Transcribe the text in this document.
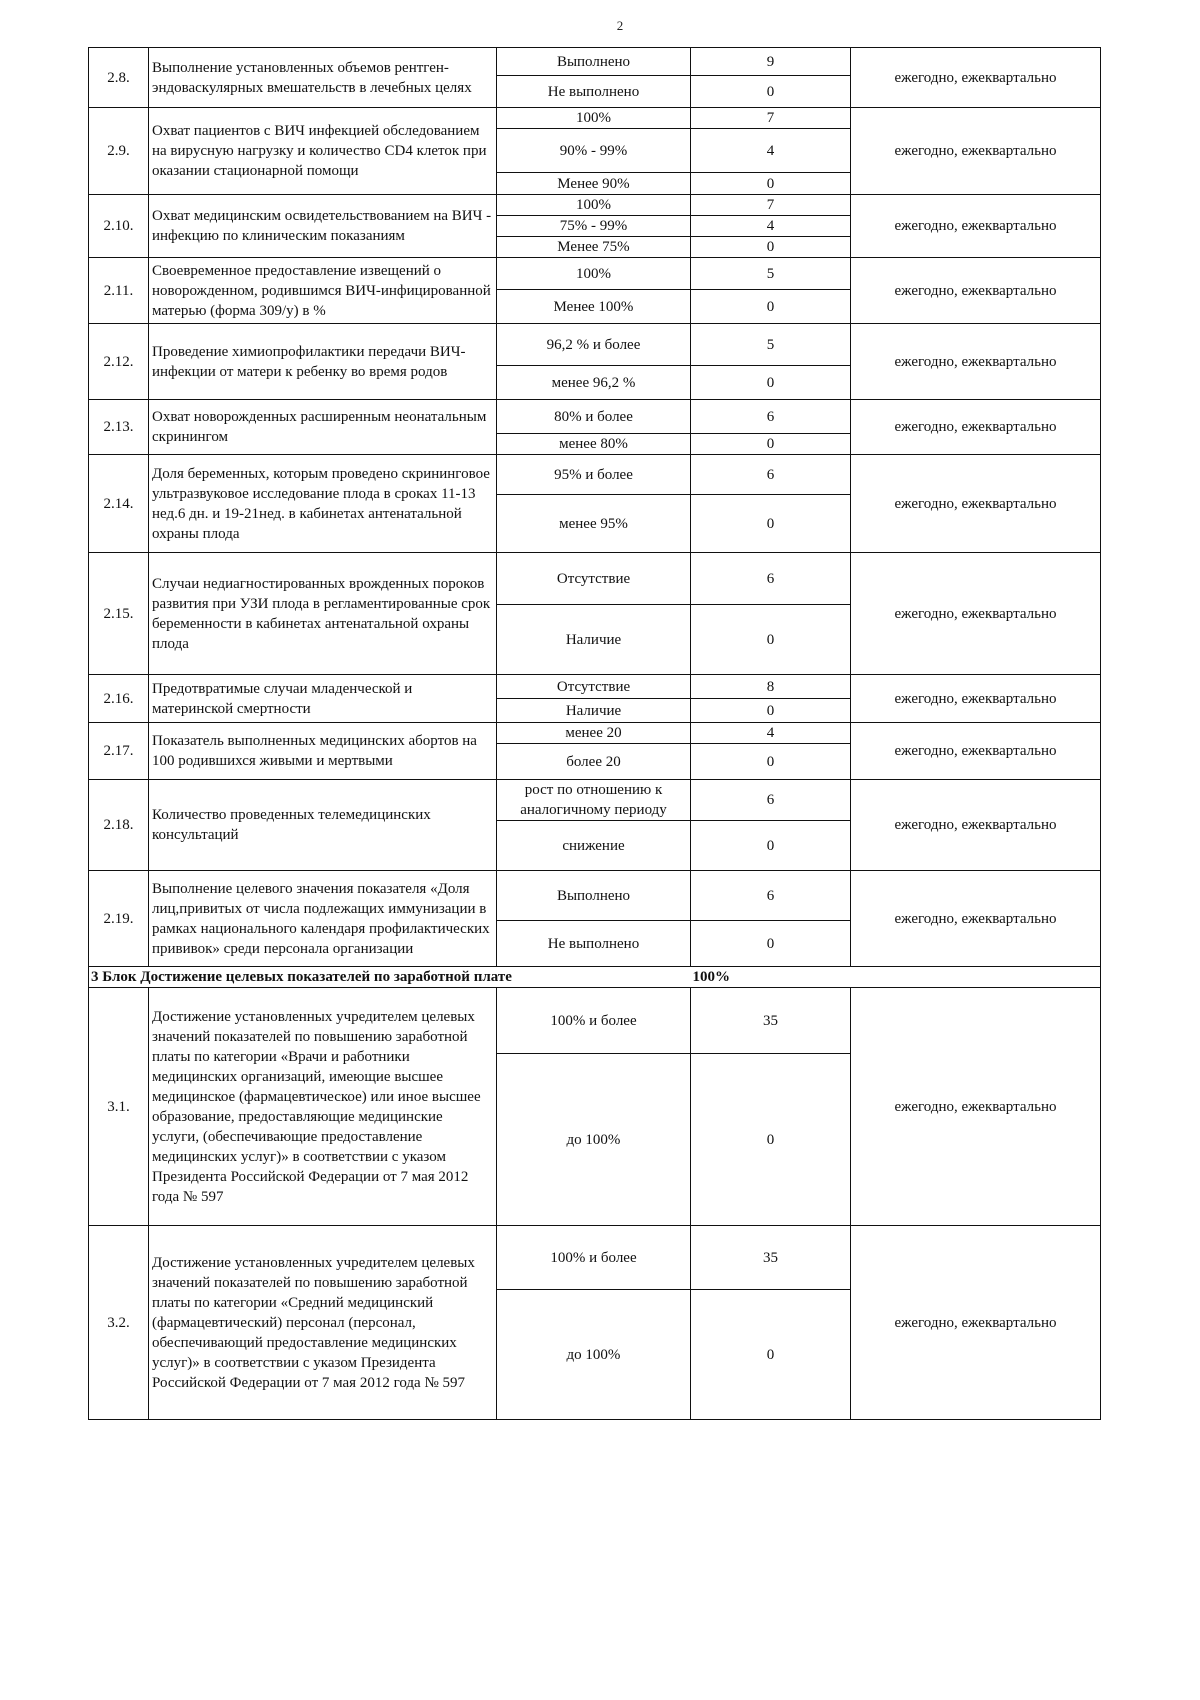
2
2.8.	Выполнение установленных объемов рентген-эндоваскулярных вмешательств в лечебных целях	Выполнено	9	ежегодно, ежеквартально
		Не выполнено	0	
2.9.	Охват пациентов с ВИЧ инфекцией обследованием на вирусную нагрузку и количество CD4 клеток при оказании стационарной помощи	100%	7	ежегодно, ежеквартально
		90% - 99%	4	
		Менее 90%	0	
2.10.	Охват медицинским освидетельствованием на ВИЧ - инфекцию по клиническим показаниям	100%	7	ежегодно, ежеквартально
		75% - 99%	4	
		Менее 75%	0	
2.11.	Своевременное предоставление извещений о новорожденном, родившимся ВИЧ-инфицированной матерью (форма 309/у) в %	100%	5	ежегодно, ежеквартально
		Менее 100%	0	
2.12.	Проведение химиопрофилактики передачи ВИЧ-инфекции от матери к ребенку во время родов	96,2 % и более	5	ежегодно, ежеквартально
		менее 96,2 %	0	
2.13.	Охват новорожденных расширенным неонатальным скринингом	80% и более	6	ежегодно, ежеквартально
		менее 80%	0	
2.14.	Доля беременных, которым проведено скрининговое ультразвуковое исследование плода в сроках 11-13 нед.6 дн. и 19-21нед. в кабинетах антенатальной охраны плода	95% и более	6	ежегодно, ежеквартально
		менее 95%	0	
2.15.	Случаи недиагностированных врожденных пороков развития при УЗИ плода в регламентированные срок беременности в кабинетах антенатальной охраны плода	Отсутствие	6	ежегодно, ежеквартально
		Наличие	0	
2.16.	Предотвратимые случаи младенческой и материнской смертности	Отсутствие	8	ежегодно, ежеквартально
		Наличие	0	
2.17.	Показатель выполненных медицинских абортов на 100 родившихся живыми и мертвыми	менее 20	4	ежегодно, ежеквартально
		более 20	0	
2.18.	Количество проведенных телемедицинских консультаций	рост по отношению к аналогичному периоду	6	ежегодно, ежеквартально
		снижение	0	
2.19.	Выполнение целевого значения показателя «Доля лиц,привитых от числа подлежащих иммунизации в рамках национального календаря профилактических прививок» среди персонала организации	Выполнено	6	ежегодно, ежеквартально
		Не выполнено	0	
3 Блок Достижение целевых показателей по заработной плате			100%	
3.1.	Достижение установленных учредителем целевых значений показателей по повышению заработной платы по категории «Врачи и работники медицинских организаций, имеющие высшее медицинское (фармацевтическое) или иное высшее образование, предоставляющие медицинские услуги, (обеспечивающие предоставление медицинских услуг)» в соответствии с указом Президента Российской Федерации от 7 мая 2012 года № 597	100% и более	35	ежегодно, ежеквартально
		до 100%	0	
3.2.	Достижение установленных учредителем целевых значений показателей по повышению заработной платы по категории «Средний медицинский (фармацевтический) персонал (персонал, обеспечивающий предоставление медицинских услуг)» в соответствии с указом Президента Российской Федерации от 7 мая 2012 года № 597	100% и более	35	ежегодно, ежеквартально
		до 100%	0	
